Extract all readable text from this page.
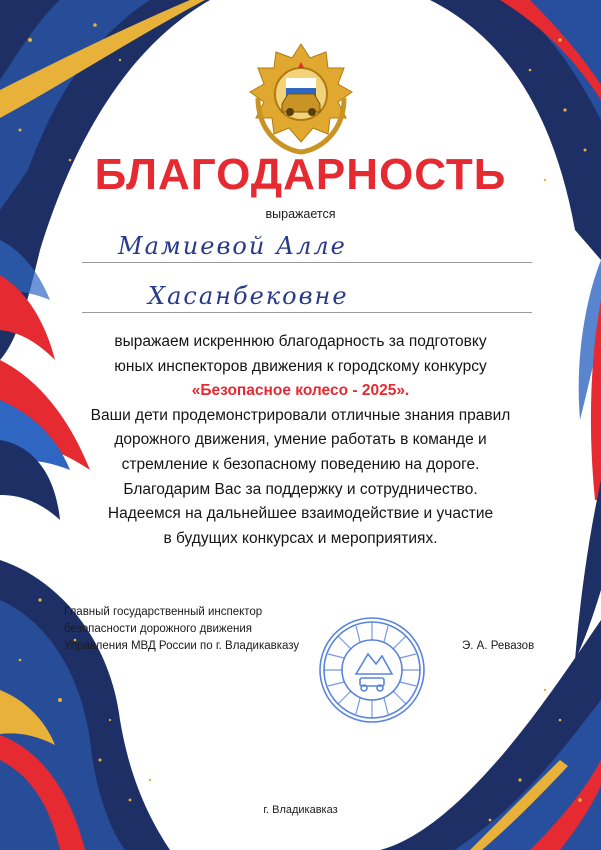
БЛАГОДАРНОСТЬ
выражается
Мамиевой Алле
Хасанбековне

выражаем искреннюю благодарность за подготовку

юных инспекторов движения к городскому конкурсу

«Безопасное колесо - 2025».

Ваши дети продемонстрировали отличные знания правил

дорожного движения, умение работать в команде и

стремление к безопасному поведению на дороге.

Благодарим Вас за поддержку и сотрудничество.

Надеемся на дальнейшее взаимодействие и участие

в будущих конкурсах и мероприятиях.

Главный государственный инспектор

безопасности дорожного движения

Управления МВД России по г. Владикавказу	Э. А. Ревазов
г. Владикавказ
